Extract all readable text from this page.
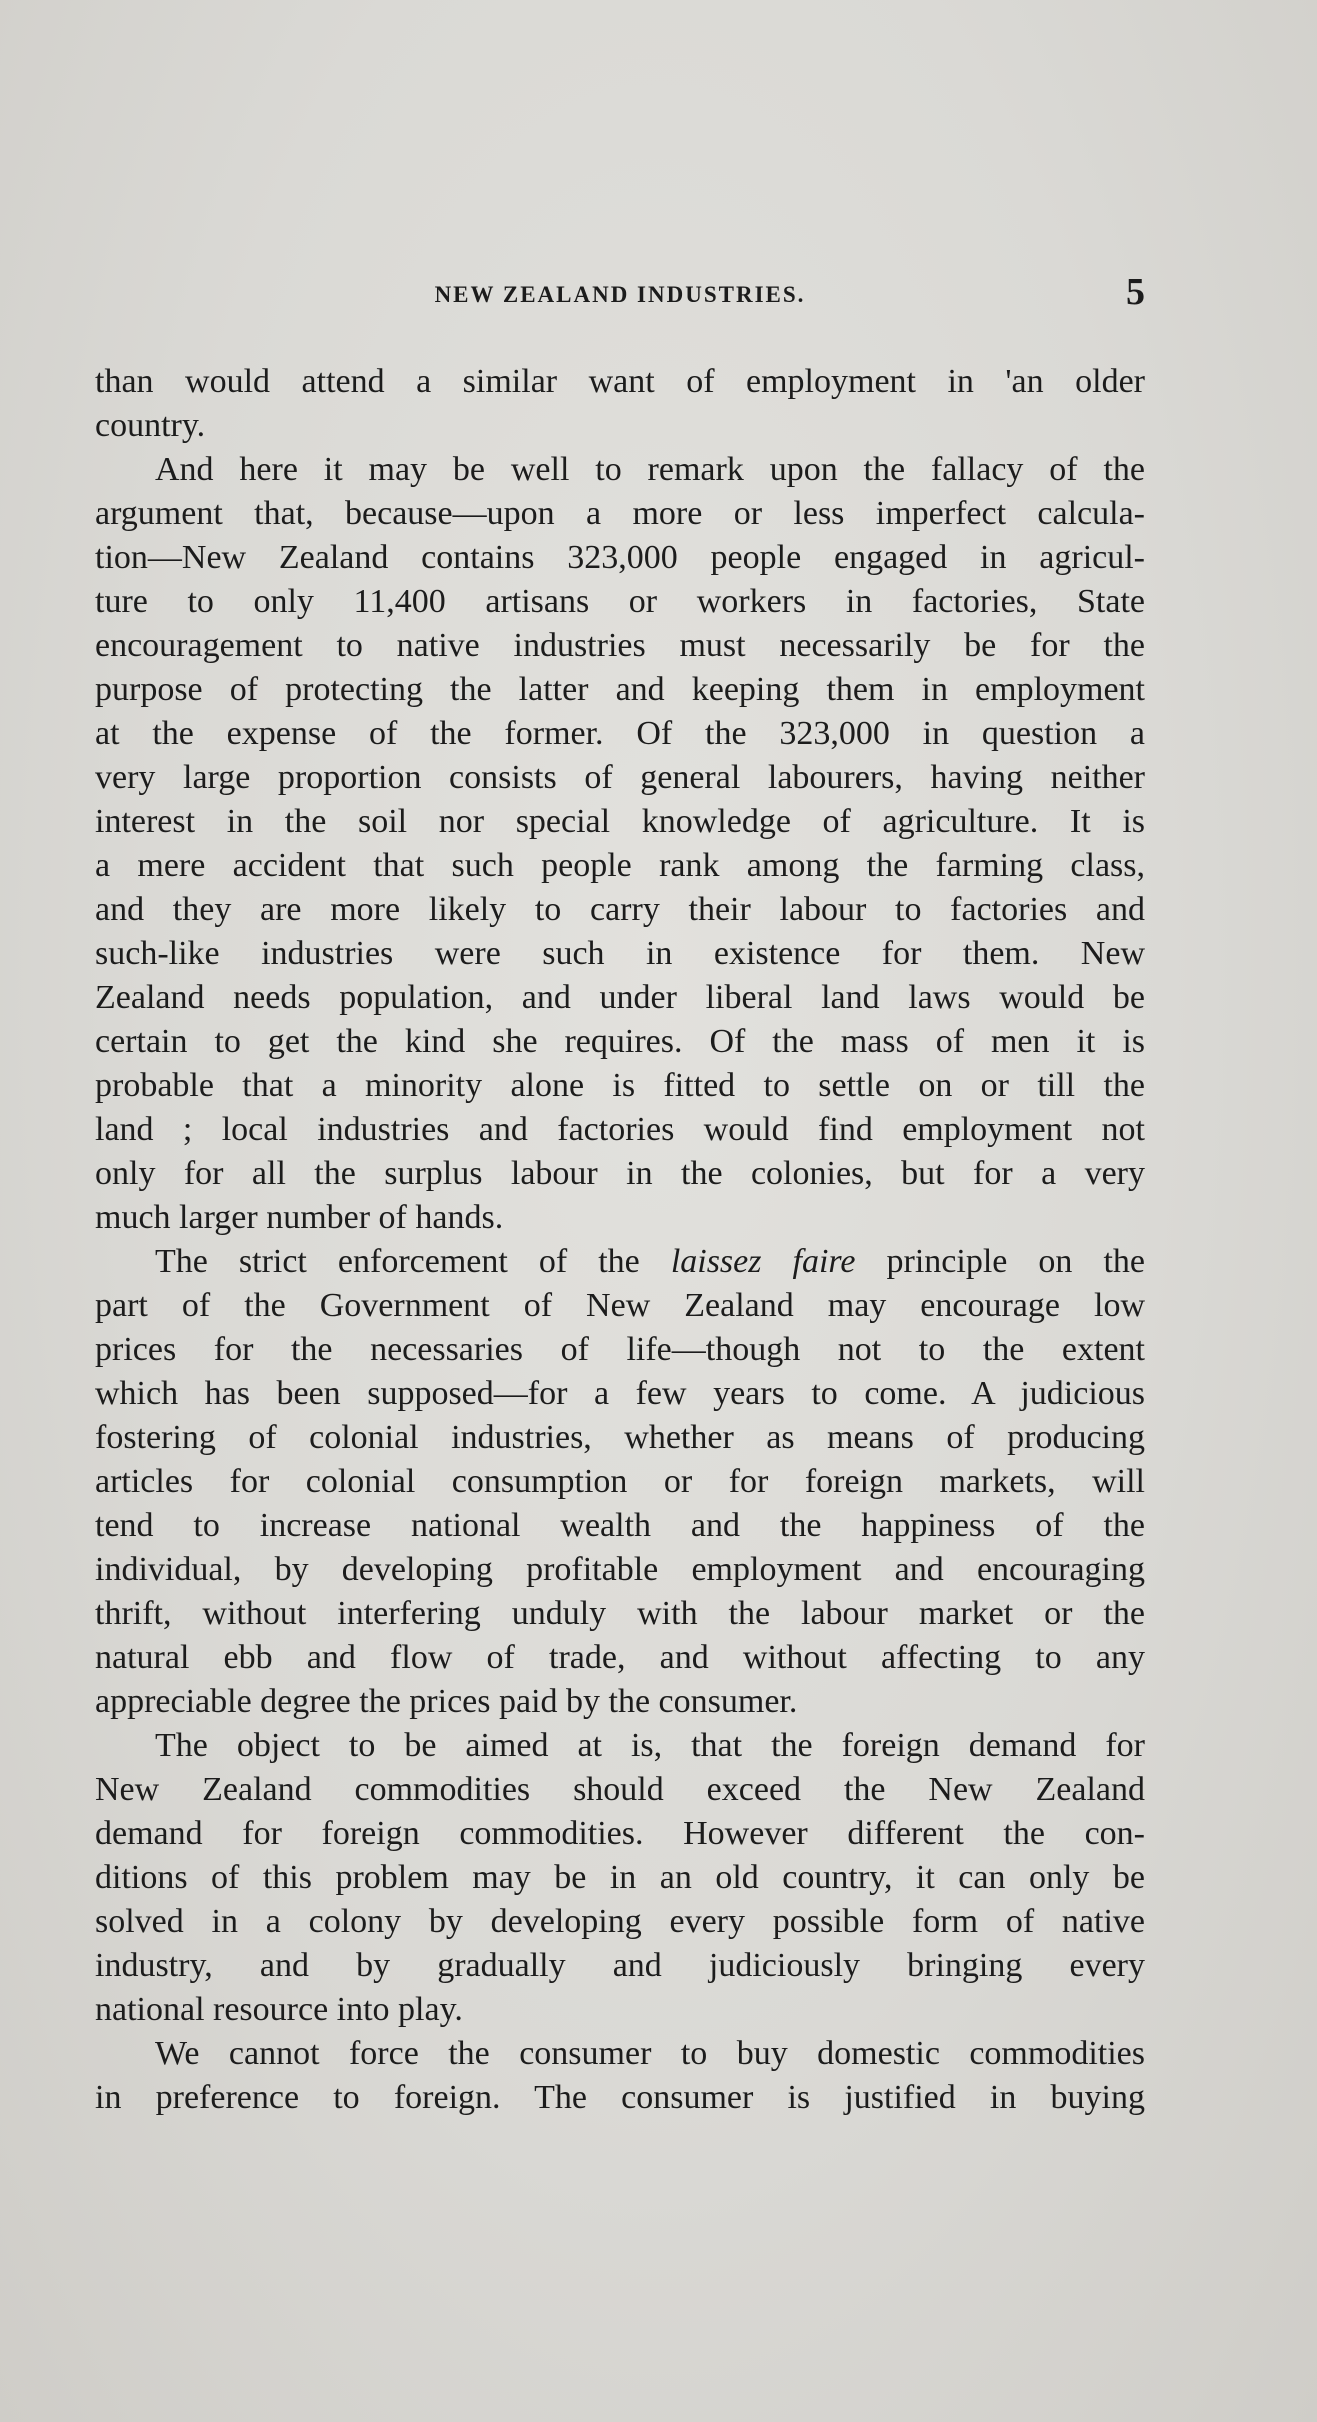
NEW ZEALAND INDUSTRIES.	5
than would attend a similar want of employment in 'an older
country.
And here it may be well to remark upon the fallacy of the
argument that, because—upon a more or less imperfect calcula-
tion—New Zealand contains 323,000 people engaged in agricul-
ture to only 11,400 artisans or workers in factories, State
encouragement to native industries must necessarily be for the
purpose of protecting the latter and keeping them in employment
at the expense of the former. Of the 323,000 in question a
very large proportion consists of general labourers, having neither
interest in the soil nor special knowledge of agriculture. It is
a mere accident that such people rank among the farming class,
and they are more likely to carry their labour to factories and
such-like industries were such in existence for them. New
Zealand needs population, and under liberal land laws would be
certain to get the kind she requires. Of the mass of men it is
probable that a minority alone is fitted to settle on or till the
land ; local industries and factories would find employment not
only for all the surplus labour in the colonies, but for a very
much larger number of hands.
The strict enforcement of the laissez faire principle on the
part of the Government of New Zealand may encourage low
prices for the necessaries of life—though not to the extent
which has been supposed—for a few years to come. A judicious
fostering of colonial industries, whether as means of producing
articles for colonial consumption or for foreign markets, will
tend to increase national wealth and the happiness of the
individual, by developing profitable employment and encouraging
thrift, without interfering unduly with the labour market or the
natural ebb and flow of trade, and without affecting to any
appreciable degree the prices paid by the consumer.
The object to be aimed at is, that the foreign demand for
New Zealand commodities should exceed the New Zealand
demand for foreign commodities. However different the con-
ditions of this problem may be in an old country, it can only be
solved in a colony by developing every possible form of native
industry, and by gradually and judiciously bringing every
national resource into play.
We cannot force the consumer to buy domestic commodities
in preference to foreign. The consumer is justified in buying
